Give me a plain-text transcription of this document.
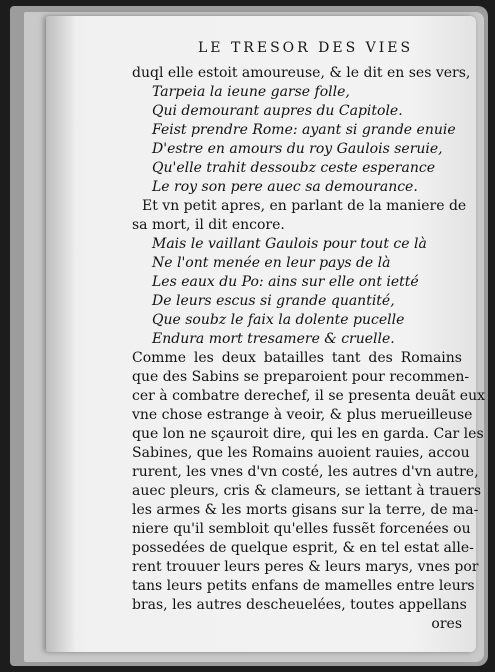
LE TRESOR DES VIES
duql elle estoit amoureuse, & le dit en ses vers,
Tarpeia la ieune garse folle,
Qui demourant aupres du Capitole.
Feist prendre Rome: ayant si grande enuie
D'estre en amours du roy Gaulois seruie,
Qu'elle trahit dessoubz ceste esperance
Le roy son pere auec sa demourance.
Et vn petit apres, en parlant de la maniere de
sa mort, il dit encore.
Mais le vaillant Gaulois pour tout ce là
Ne l'ont menée en leur pays de là
Les eaux du Po: ains sur elle ont ietté
De leurs escus si grande quantité,
Que soubz le faix la dolente pucelle
Endura mort tresamere & cruelle.
Comme les deux batailles tant des Romains
que des Sabins se preparoient pour recommen-
cer à combatre derechef, il se presenta deuãt eux
vne chose estrange à veoir, & plus merueilleuse
que lon ne sçauroit dire, qui les en garda. Car les
Sabines, que les Romains auoient rauies, accou
rurent, les vnes d'vn costé, les autres d'vn autre,
auec pleurs, cris & clameurs, se iettant à trauers
les armes & les morts gisans sur la terre, de ma-
niere qu'il sembloit qu'elles fussẽt forcenées ou
possedées de quelque esprit, & en tel estat alle-
rent trouuer leurs peres & leurs marys, vnes por
tans leurs petits enfans de mamelles entre leurs
bras, les autres descheuelées, toutes appellans
ores
